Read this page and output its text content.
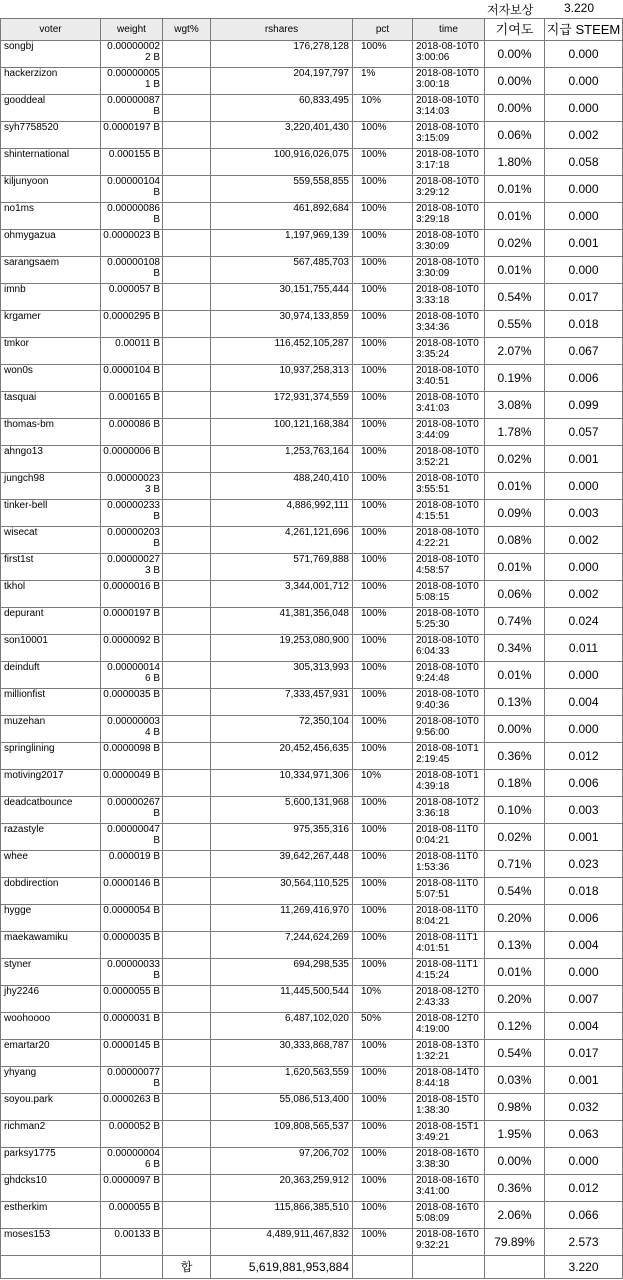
저자보상	3.220
voter	weight	wgt%	rshares	pct	time	기여도	지급 STEEM
songbj	0.00000002 2 B		176,278,128	100%	2018-08-10T03:00:06	0.00%	0.000
hackerzizon	0.00000005 1 B		204,197,797	1%	2018-08-10T03:00:18	0.00%	0.000
gooddeal	0.00000087 B		60,833,495	10%	2018-08-10T03:14:03	0.00%	0.000
syh7758520	0.0000197 B		3,220,401,430	100%	2018-08-10T03:15:09	0.06%	0.002
shinternational	0.000155 B		100,916,026,075	100%	2018-08-10T03:17:18	1.80%	0.058
kiljunyoon	0.00000104 B		559,558,855	100%	2018-08-10T03:29:12	0.01%	0.000
no1ms	0.00000086 B		461,892,684	100%	2018-08-10T03:29:18	0.01%	0.000
ohmygazua	0.0000023 B		1,197,969,139	100%	2018-08-10T03:30:09	0.02%	0.001
sarangsaem	0.00000108 B		567,485,703	100%	2018-08-10T03:30:09	0.01%	0.000
imnb	0.000057 B		30,151,755,444	100%	2018-08-10T03:33:18	0.54%	0.017
krgamer	0.0000295 B		30,974,133,859	100%	2018-08-10T03:34:36	0.55%	0.018
tmkor	0.00011 B		116,452,105,287	100%	2018-08-10T03:35:24	2.07%	0.067
won0s	0.0000104 B		10,937,258,313	100%	2018-08-10T03:40:51	0.19%	0.006
tasquai	0.000165 B		172,931,374,559	100%	2018-08-10T03:41:03	3.08%	0.099
thomas-bm	0.000086 B		100,121,168,384	100%	2018-08-10T03:44:09	1.78%	0.057
ahngo13	0.0000006 B		1,253,763,164	100%	2018-08-10T03:52:21	0.02%	0.001
jungch98	0.00000023 3 B		488,240,410	100%	2018-08-10T03:55:51	0.01%	0.000
tinker-bell	0.00000233 B		4,886,992,111	100%	2018-08-10T04:15:51	0.09%	0.003
wisecat	0.00000203 B		4,261,121,696	100%	2018-08-10T04:22:21	0.08%	0.002
first1st	0.00000027 3 B		571,769,888	100%	2018-08-10T04:58:57	0.01%	0.000
tkhol	0.0000016 B		3,344,001,712	100%	2018-08-10T05:08:15	0.06%	0.002
depurant	0.0000197 B		41,381,356,048	100%	2018-08-10T05:25:30	0.74%	0.024
son10001	0.0000092 B		19,253,080,900	100%	2018-08-10T06:04:33	0.34%	0.011
deinduft	0.00000014 6 B		305,313,993	100%	2018-08-10T09:24:48	0.01%	0.000
millionfist	0.0000035 B		7,333,457,931	100%	2018-08-10T09:40:36	0.13%	0.004
muzehan	0.00000003 4 B		72,350,104	100%	2018-08-10T09:56:00	0.00%	0.000
springlining	0.0000098 B		20,452,456,635	100%	2018-08-10T12:19:45	0.36%	0.012
motiving2017	0.0000049 B		10,334,971,306	10%	2018-08-10T14:39:18	0.18%	0.006
deadcatbounce	0.00000267 B		5,600,131,968	100%	2018-08-10T23:36:18	0.10%	0.003
razastyle	0.00000047 B		975,355,316	100%	2018-08-11T00:04:21	0.02%	0.001
whee	0.000019 B		39,642,267,448	100%	2018-08-11T01:53:36	0.71%	0.023
dobdirection	0.0000146 B		30,564,110,525	100%	2018-08-11T05:07:51	0.54%	0.018
hygge	0.0000054 B		11,269,416,970	100%	2018-08-11T08:04:21	0.20%	0.006
maekawamiku	0.0000035 B		7,244,624,269	100%	2018-08-11T14:01:51	0.13%	0.004
styner	0.00000033 B		694,298,535	100%	2018-08-11T14:15:24	0.01%	0.000
jhy2246	0.0000055 B		11,445,500,544	10%	2018-08-12T02:43:33	0.20%	0.007
woohoooo	0.0000031 B		6,487,102,020	50%	2018-08-12T04:19:00	0.12%	0.004
emartar20	0.0000145 B		30,333,868,787	100%	2018-08-13T01:32:21	0.54%	0.017
yhyang	0.00000077 B		1,620,563,559	100%	2018-08-14T08:44:18	0.03%	0.001
soyou.park	0.0000263 B		55,086,513,400	100%	2018-08-15T01:38:30	0.98%	0.032
richman2	0.000052 B		109,808,565,537	100%	2018-08-15T13:49:21	1.95%	0.063
parksy1775	0.00000004 6 B		97,206,702	100%	2018-08-16T03:38:30	0.00%	0.000
ghdcks10	0.0000097 B		20,363,259,912	100%	2018-08-16T03:41:00	0.36%	0.012
estherkim	0.000055 B		115,866,385,510	100%	2018-08-16T05:08:09	2.06%	0.066
moses153	0.00133 B		4,489,911,467,832	100%	2018-08-16T09:32:21	79.89%	2.573
		합	5,619,881,953,884				3.220
